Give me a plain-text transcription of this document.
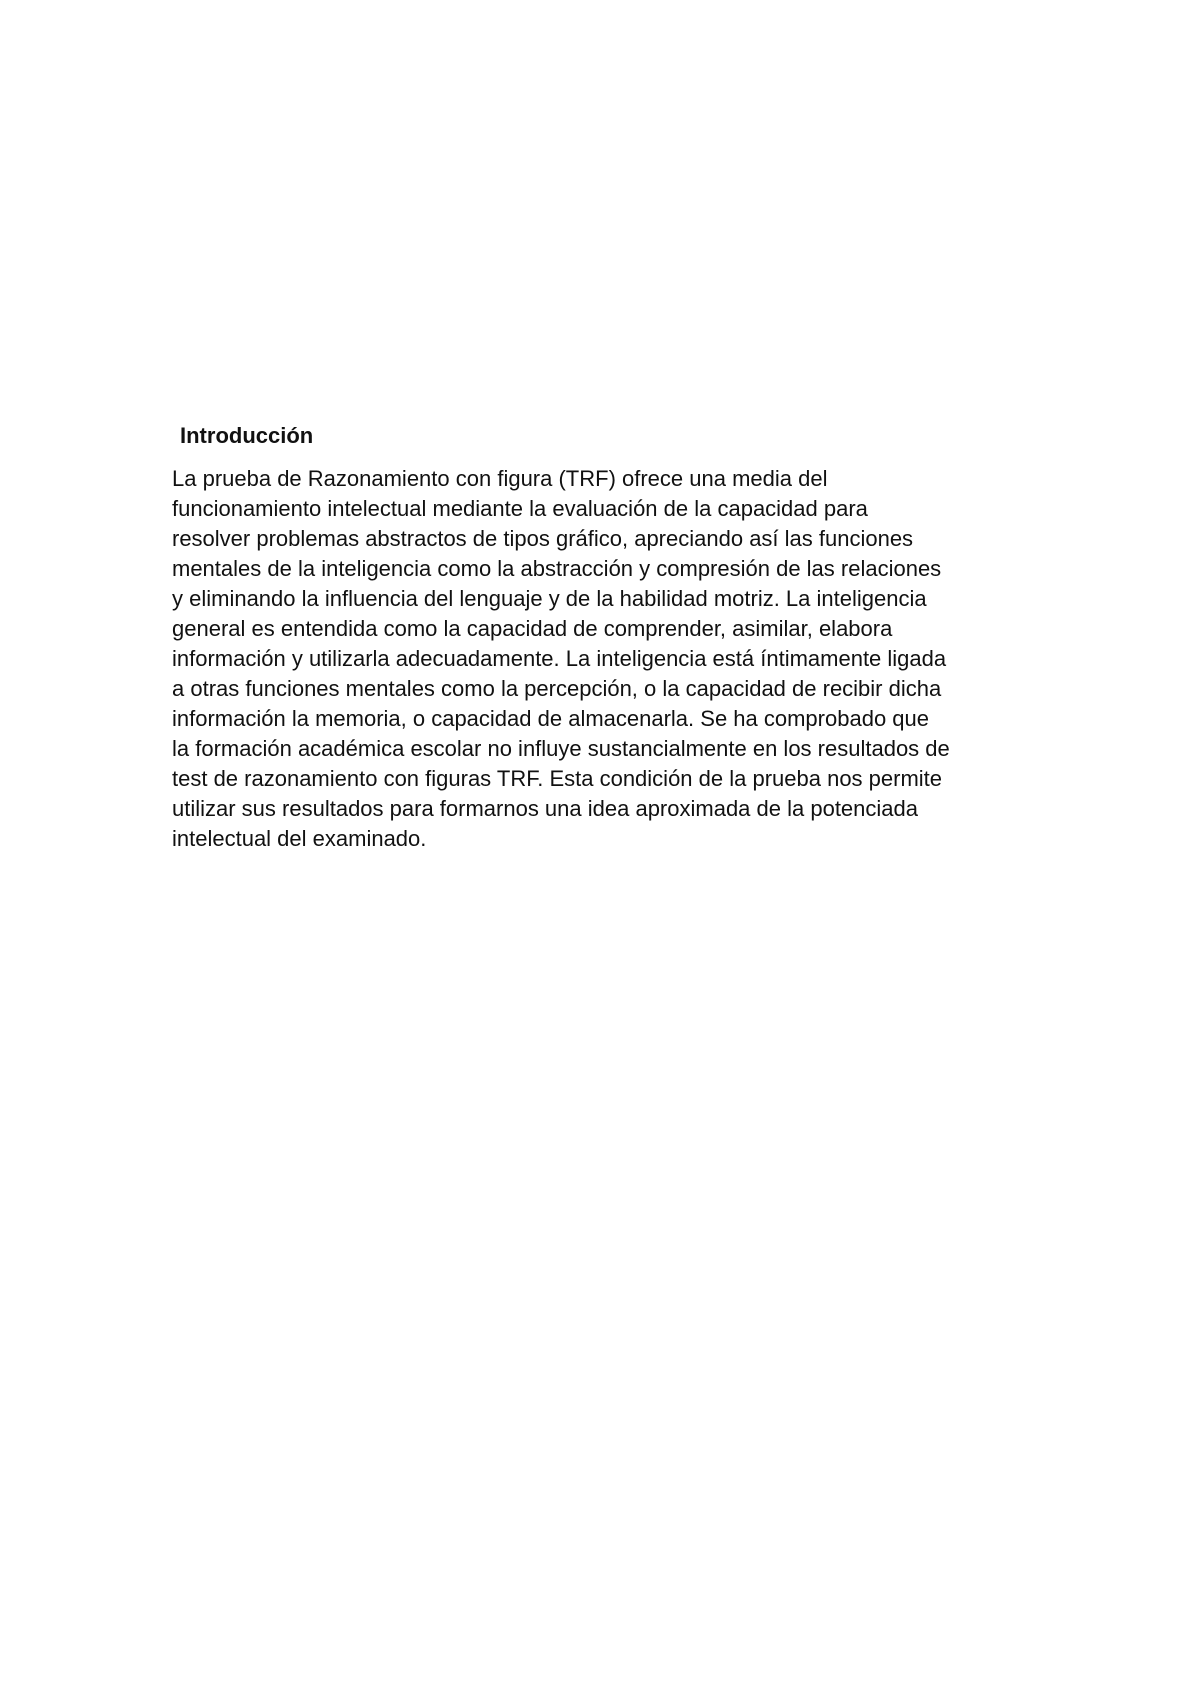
Introducción

La prueba de Razonamiento con figura (TRF) ofrece una media del
funcionamiento intelectual mediante la evaluación de la capacidad para
resolver problemas abstractos de tipos gráfico, apreciando así las funciones
mentales de la inteligencia como la abstracción y compresión de las relaciones
y eliminando la influencia del lenguaje y de la habilidad motriz. La inteligencia
general es entendida como la capacidad de comprender, asimilar, elabora
información y utilizarla adecuadamente. La inteligencia está íntimamente ligada
a otras funciones mentales como la percepción, o la capacidad de recibir dicha
información la memoria, o capacidad de almacenarla. Se ha comprobado que
la formación académica escolar no influye sustancialmente en los resultados de
test de razonamiento con figuras TRF. Esta condición de la prueba nos permite
utilizar sus resultados para formarnos una idea aproximada de la potenciada
intelectual del examinado.
